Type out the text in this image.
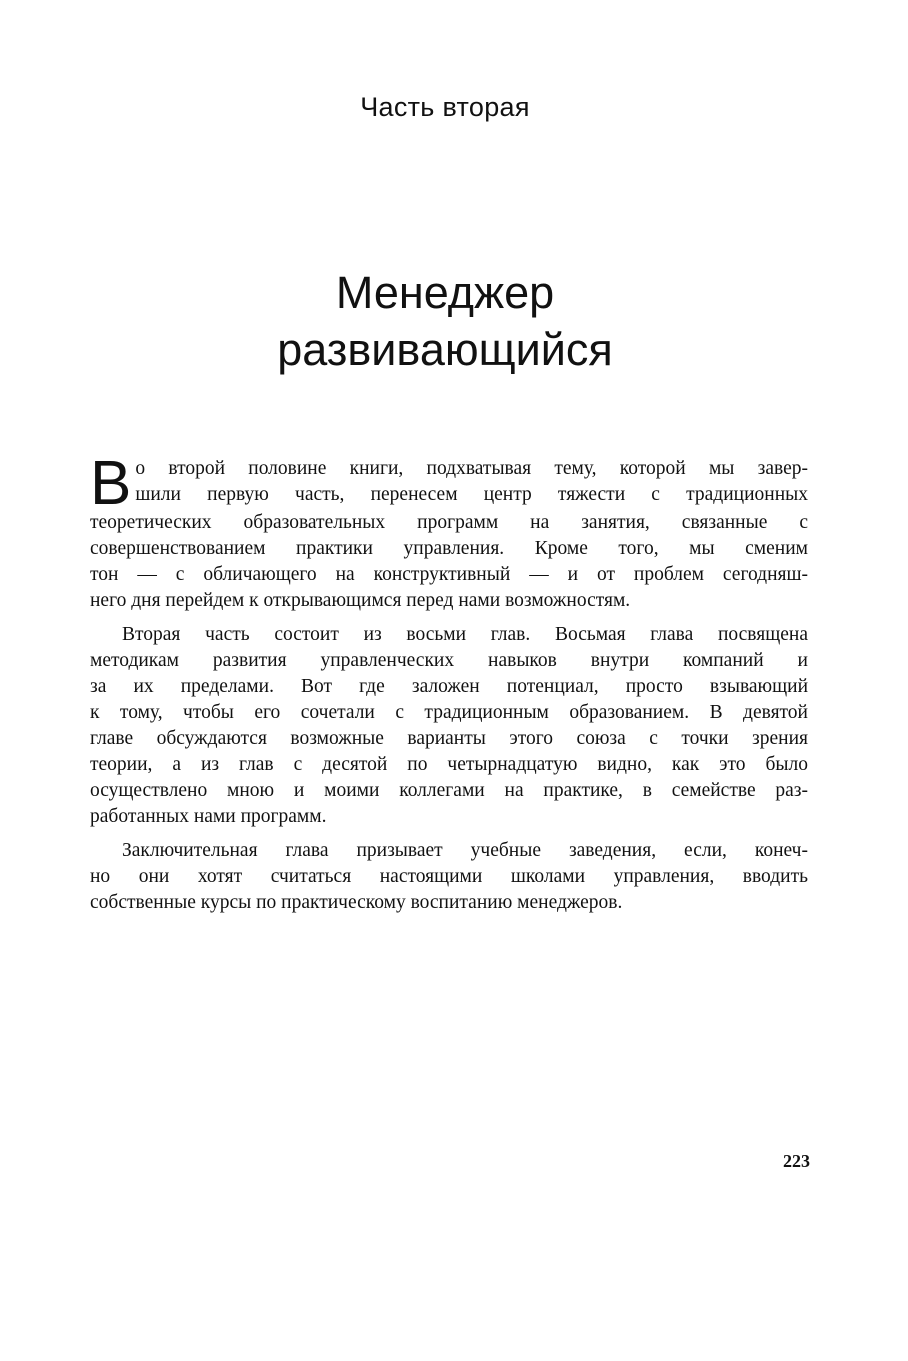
Часть вторая
Менеджер
развивающийся

В о второй половине книги, подхватывая тему, которой мы завер-
шили первую часть, перенесем центр тяжести с традиционных
теоретических образовательных программ на занятия, связанные с
совершенствованием практики управления. Кроме того, мы сменим
тон — с обличающего на конструктивный — и от проблем сегодняш-
него дня перейдем к открывающимся перед нами возможностям.

Вторая часть состоит из восьми глав. Восьмая глава посвящена
методикам развития управленческих навыков внутри компаний и
за их пределами. Вот где заложен потенциал, просто взывающий
к тому, чтобы его сочетали с традиционным образованием. В девятой
главе обсуждаются возможные варианты этого союза с точки зрения
теории, а из глав с десятой по четырнадцатую видно, как это было
осуществлено мною и моими коллегами на практике, в семействе раз-
работанных нами программ.

Заключительная глава призывает учебные заведения, если, конеч-
но они хотят считаться настоящими школами управления, вводить
собственные курсы по практическому воспитанию менеджеров.

223
